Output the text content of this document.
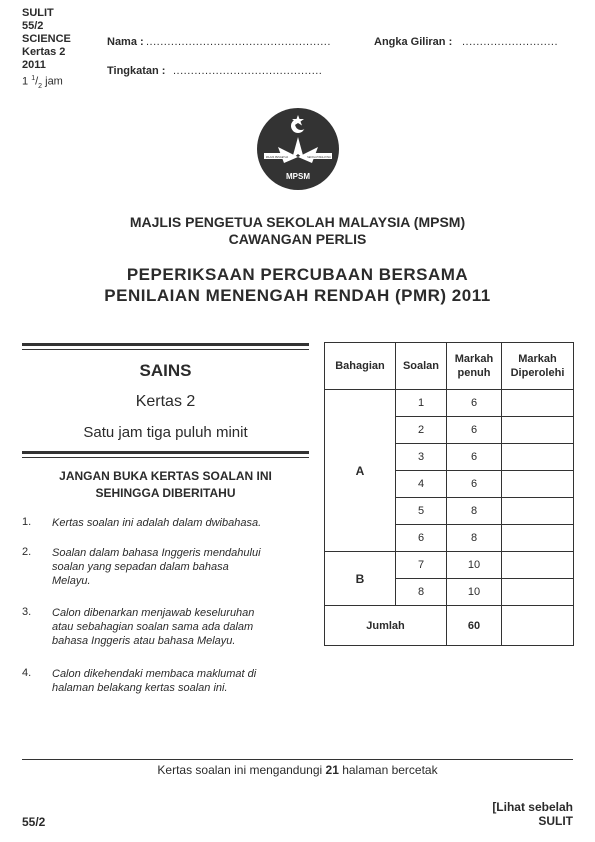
SULIT
55/2
SCIENCE
Kertas 2
2011
1 $^1/_2$ jam
Nama : ....................................................	Angka Giliran : ...........................
Tingkatan : ..........................................
MAJLIS PENGETUA	SEKOLAH MALAYSIA
MPSM
MAJLIS PENGETUA SEKOLAH MALAYSIA (MPSM)
CAWANGAN PERLIS
PEPERIKSAAN PERCUBAAN BERSAMA
PENILAIAN MENENGAH RENDAH (PMR) 2011
SAINS
Kertas 2
Satu jam tiga puluh minit
JANGAN BUKA KERTAS SOALAN INI
SEHINGGA DIBERITAHU
1. Kertas soalan ini adalah dalam dwibahasa.
2. Soalan dalam bahasa Inggeris mendahului
soalan yang sepadan dalam bahasa
Melayu.
3. Calon dibenarkan menjawab keseluruhan
atau sebahagian soalan sama ada dalam
bahasa Inggeris atau bahasa Melayu.
4. Calon dikehendaki membaca maklumat di
halaman belakang kertas soalan ini.
Bahagian	Soalan	Markah penuh	Markah Diperolehi
A	1	6	
	2	6	
	3	6	
	4	6	
	5	8	
	6	8	
B	7	10	
	8	10	
Jumlah		60	
Kertas soalan ini mengandungi 21 halaman bercetak
55/2
[Lihat sebelah
SULIT
